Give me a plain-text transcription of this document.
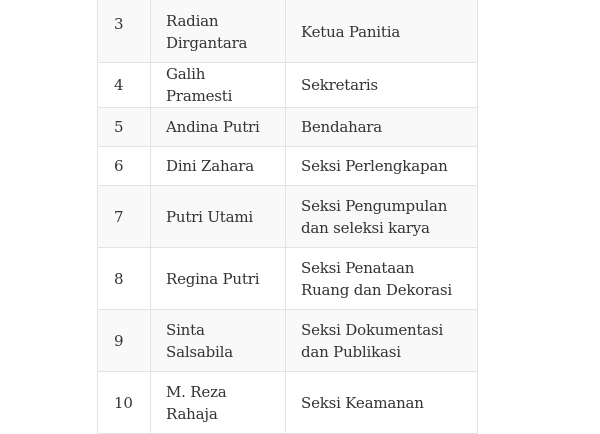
3	Radian Dirgantara	Ketua Panitia
4	Galih Pramesti	Sekretaris
5	Andina Putri	Bendahara
6	Dini Zahara	Seksi Perlengkapan
7	Putri Utami	Seksi Pengumpulan dan seleksi karya
8	Regina Putri	Seksi Penataan Ruang dan Dekorasi
9	Sinta Salsabila	Seksi Dokumentasi dan Publikasi
10	M. Reza Rahaja	Seksi Keamanan
